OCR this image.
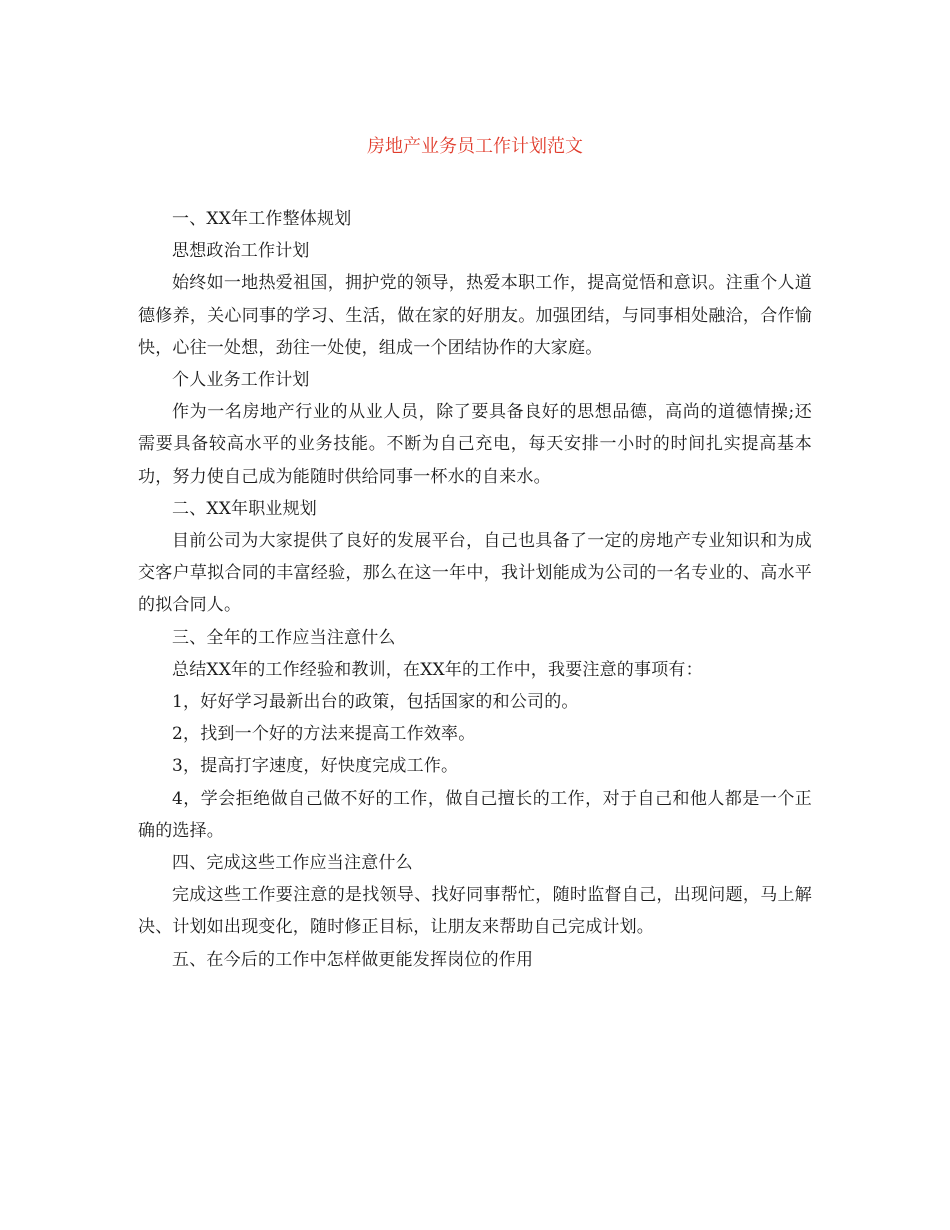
房地产业务员工作计划范文

一、XX年工作整体规划

思想政治工作计划

始终如一地热爱祖国，拥护党的领导，热爱本职工作，提高觉悟和意识。注重个人道德修养，关心同事的学习、生活，做在家的好朋友。加强团结，与同事相处融洽，合作愉快，心往一处想，劲往一处使，组成一个团结协作的大家庭。

个人业务工作计划

作为一名房地产行业的从业人员，除了要具备良好的思想品德，高尚的道德情操;还需要具备较高水平的业务技能。不断为自己充电，每天安排一小时的时间扎实提高基本功，努力使自己成为能随时供给同事一杯水的自来水。

二、XX年职业规划

目前公司为大家提供了良好的发展平台，自己也具备了一定的房地产专业知识和为成交客户草拟合同的丰富经验，那么在这一年中，我计划能成为公司的一名专业的、高水平的拟合同人。

三、全年的工作应当注意什么

总结XX年的工作经验和教训，在XX年的工作中，我要注意的事项有：

1，好好学习最新出台的政策，包括国家的和公司的。

2，找到一个好的方法来提高工作效率。

3，提高打字速度，好快度完成工作。

4，学会拒绝做自己做不好的工作，做自己擅长的工作，对于自己和他人都是一个正确的选择。

四、完成这些工作应当注意什么

完成这些工作要注意的是找领导、找好同事帮忙，随时监督自己，出现问题，马上解决、计划如出现变化，随时修正目标，让朋友来帮助自己完成计划。

五、在今后的工作中怎样做更能发挥岗位的作用
